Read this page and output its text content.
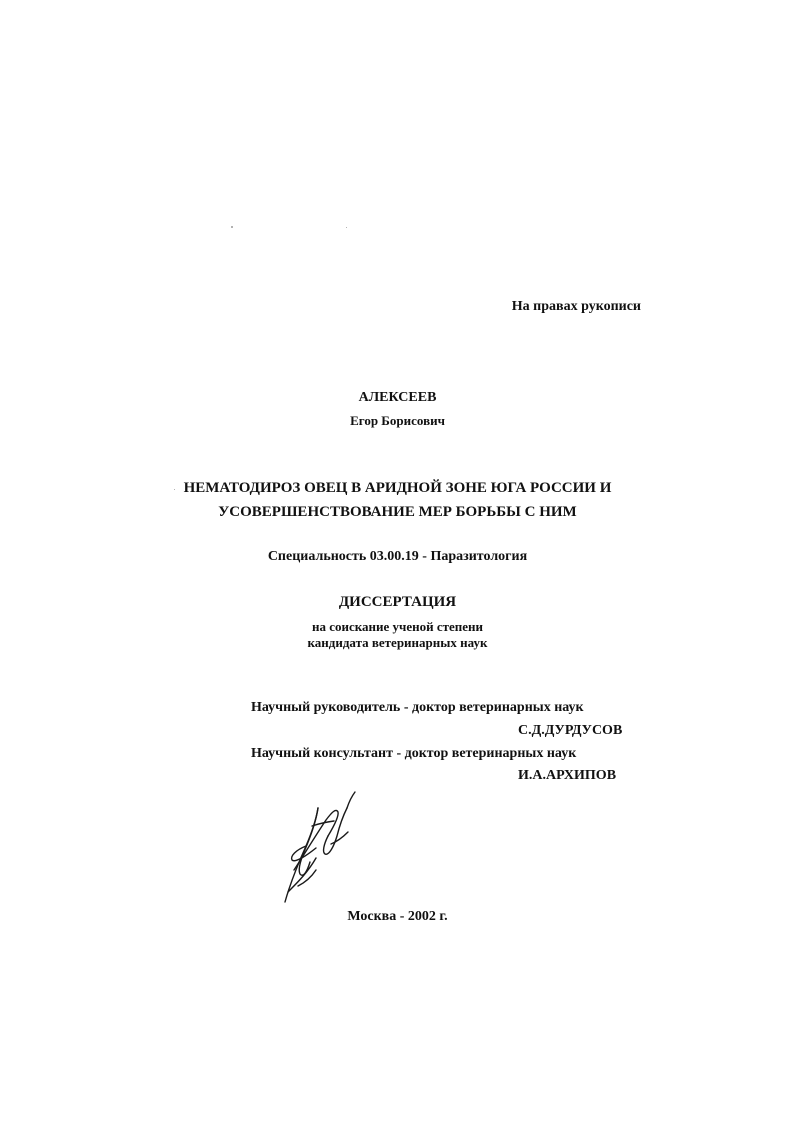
На правах рукописи
АЛЕКСЕЕВ
Егор Борисович
НЕМАТОДИРОЗ ОВЕЦ В АРИДНОЙ ЗОНЕ ЮГА РОССИИ И
УСОВЕРШЕНСТВОВАНИЕ МЕР БОРЬБЫ С НИМ
Специальность 03.00.19 - Паразитология
ДИССЕРТАЦИЯ
на соискание ученой степени
кандидата ветеринарных наук
Научный руководитель - доктор ветеринарных наук
С.Д.ДУРДУСОВ
Научный консультант - доктор ветеринарных наук
И.А.АРХИПОВ
Москва - 2002 г.
